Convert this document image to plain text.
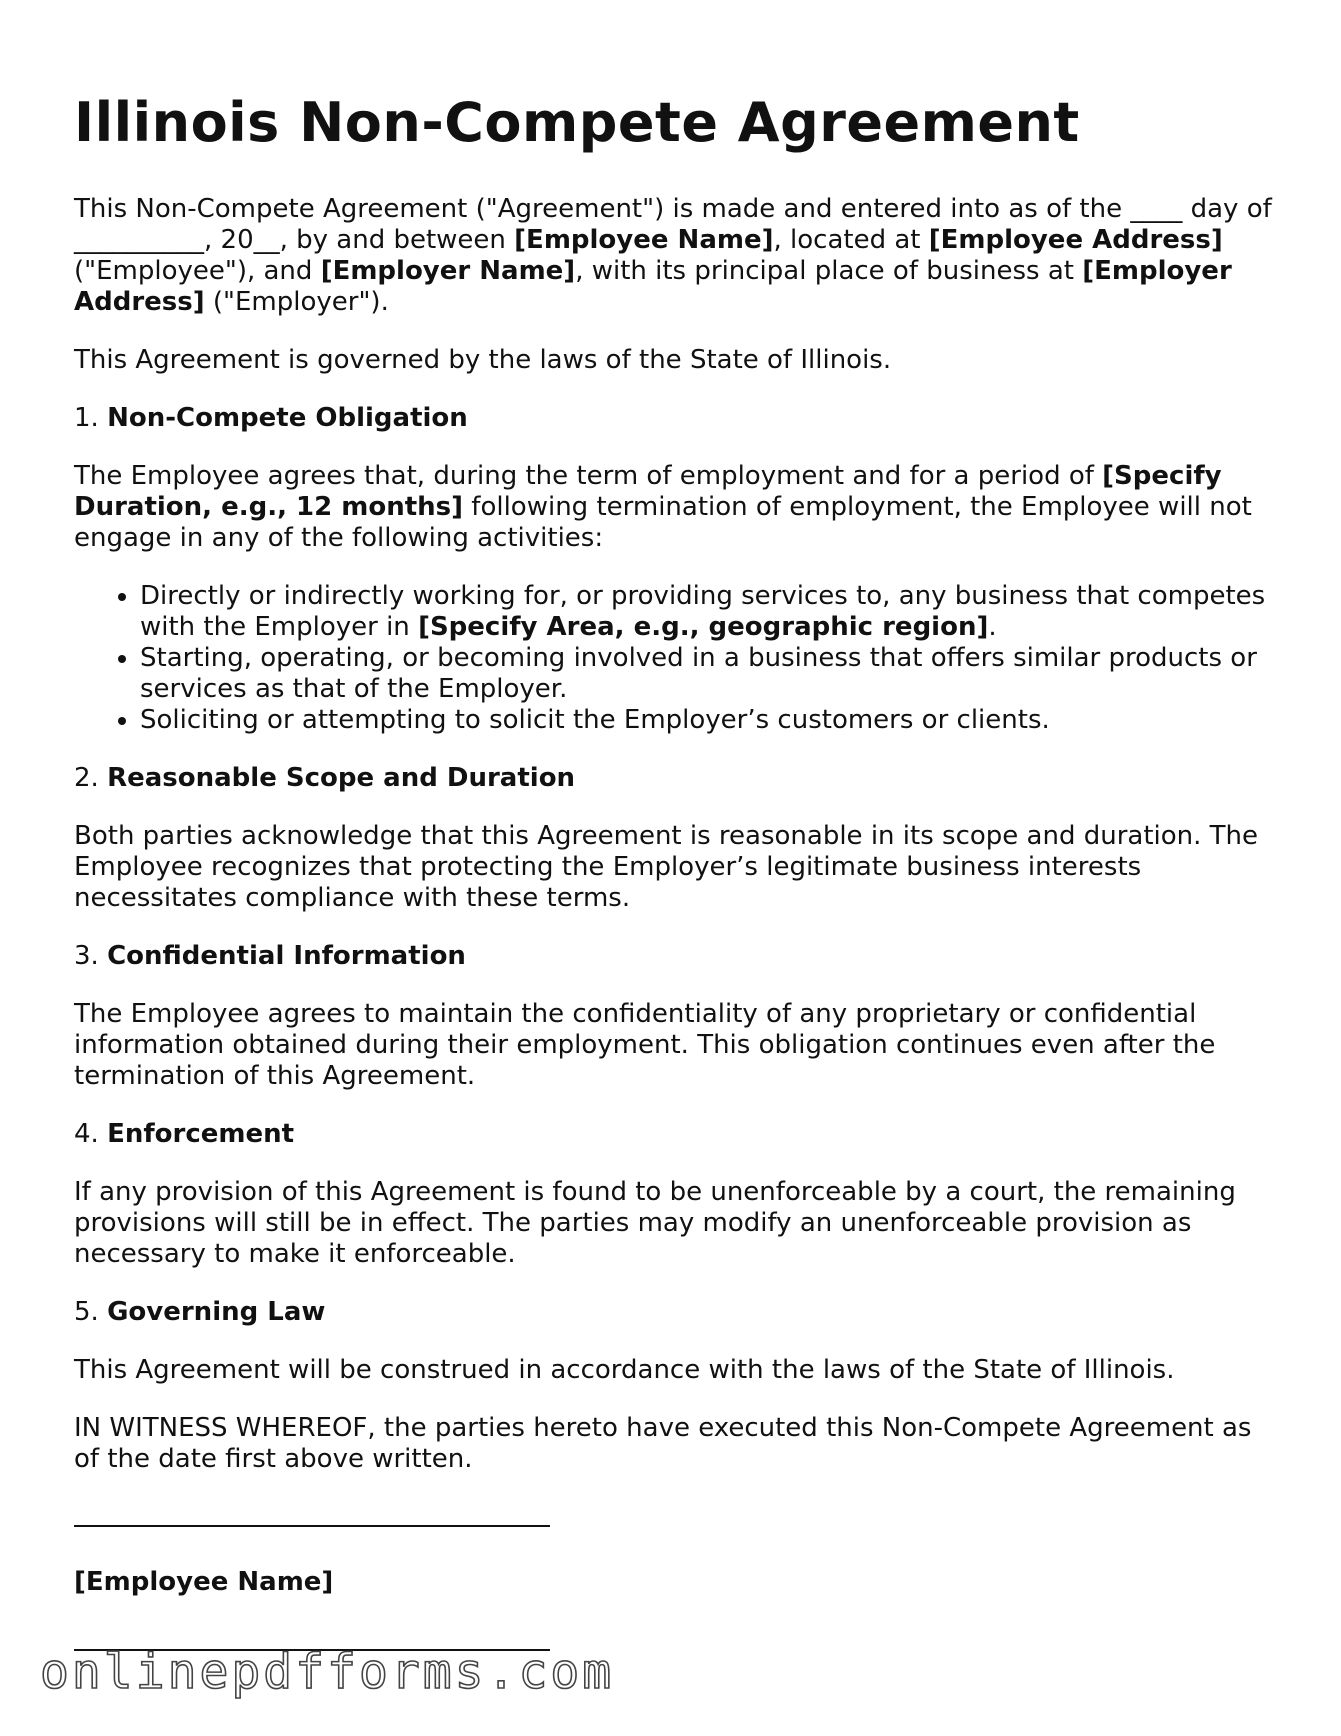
Illinois Non-Compete Agreement

This Non-Compete Agreement ("Agreement") is made and entered into as of the ____ day of __________, 20__, by and between [Employee Name], located at [Employee Address] ("Employee"), and [Employer Name], with its principal place of business at [Employer Address] ("Employer").

This Agreement is governed by the laws of the State of Illinois.

1. Non-Compete Obligation

The Employee agrees that, during the term of employment and for a period of [Specify Duration, e.g., 12 months] following termination of employment, the Employee will not engage in any of the following activities:

• Directly or indirectly working for, or providing services to, any business that competes with the Employer in [Specify Area, e.g., geographic region].
• Starting, operating, or becoming involved in a business that offers similar products or services as that of the Employer.
• Soliciting or attempting to solicit the Employer’s customers or clients.

2. Reasonable Scope and Duration

Both parties acknowledge that this Agreement is reasonable in its scope and duration. The Employee recognizes that protecting the Employer’s legitimate business interests necessitates compliance with these terms.

3. Confidential Information

The Employee agrees to maintain the confidentiality of any proprietary or confidential information obtained during their employment. This obligation continues even after the termination of this Agreement.

4. Enforcement

If any provision of this Agreement is found to be unenforceable by a court, the remaining provisions will still be in effect. The parties may modify an unenforceable provision as necessary to make it enforceable.

5. Governing Law

This Agreement will be construed in accordance with the laws of the State of Illinois.

IN WITNESS WHEREOF, the parties hereto have executed this Non-Compete Agreement as of the date first above written.

[Employee Name]
onlinepdfforms.com
